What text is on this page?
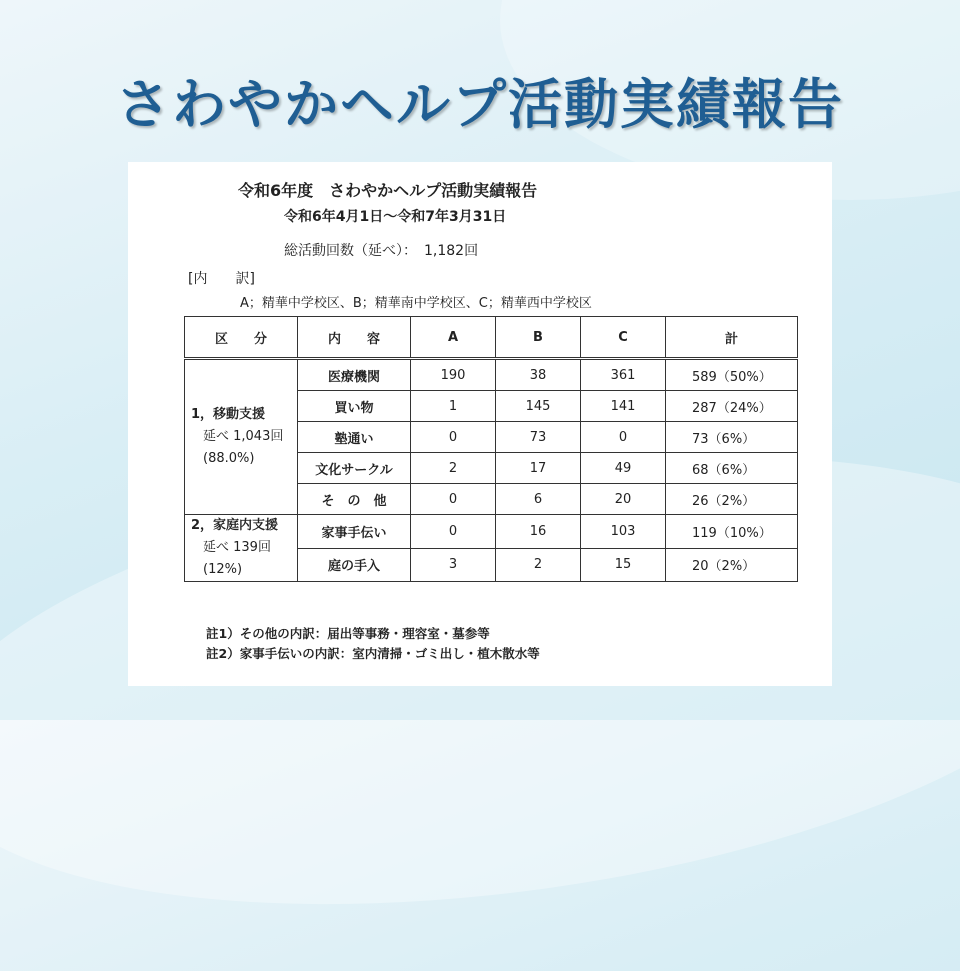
さわやかヘルプ活動実績報告
令和6年度　さわやかヘルプ活動実績報告
令和6年4月1日～令和7年3月31日
総活動回数（延べ）：　1,182回
[内　　訳]
A；精華中学校区、B；精華南中学校区、C；精華西中学校区
区　　分	内　　容	A	B	C	計
1，移動支援
延べ 1,043回
(88.0%)	医療機関	190	38	361	589（50%）
	買い物	1	145	141	287（24%）
	塾通い	0	73	0	73（6%）
	文化サークル	2	17	49	68（6%）
	そ　の　他	0	6	20	26（2%）
2，家庭内支援
延べ 139回
(12%)	家事手伝い	0	16	103	119（10%）
	庭の手入	3	2	15	20（2%）
註1）その他の内訳：届出等事務・理容室・墓参等
註2）家事手伝いの内訳：室内清掃・ゴミ出し・植木散水等
